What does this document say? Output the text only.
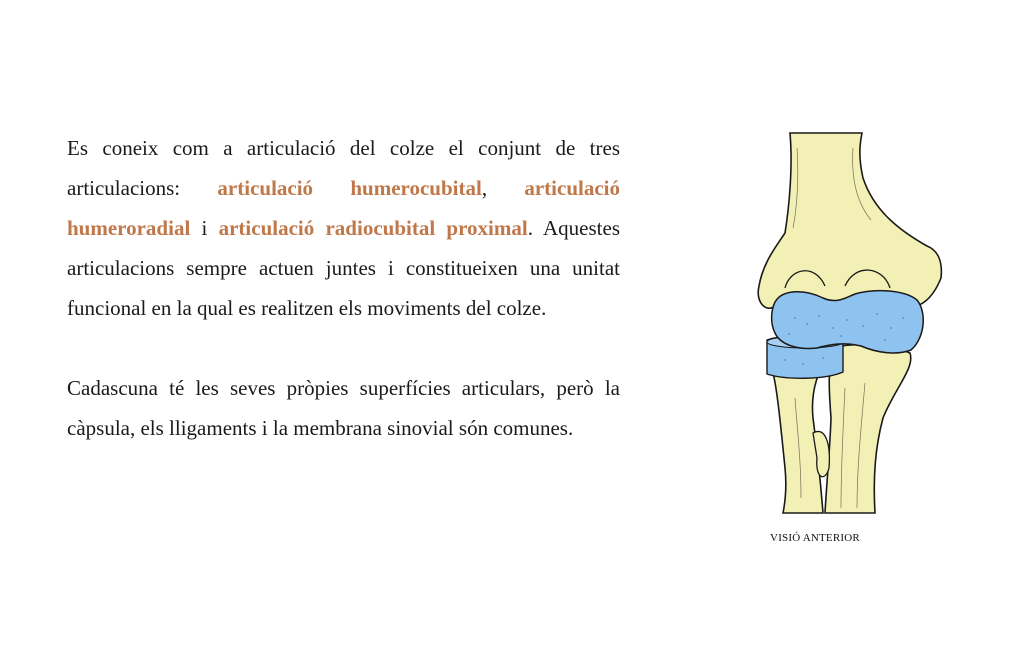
Es coneix com a articulació del colze el conjunt de tres articulacions: articulació humerocubital, articulació humeroradial i articulació radiocubital proximal. Aquestes articulacions sempre actuen juntes i constitueixen una unitat funcional en la qual es realitzen els moviments del colze.

Cadascuna té les seves pròpies superfícies articulars, però la càpsula, els lligaments i la membrana sinovial són comunes.

VISIÓ ANTERIOR
